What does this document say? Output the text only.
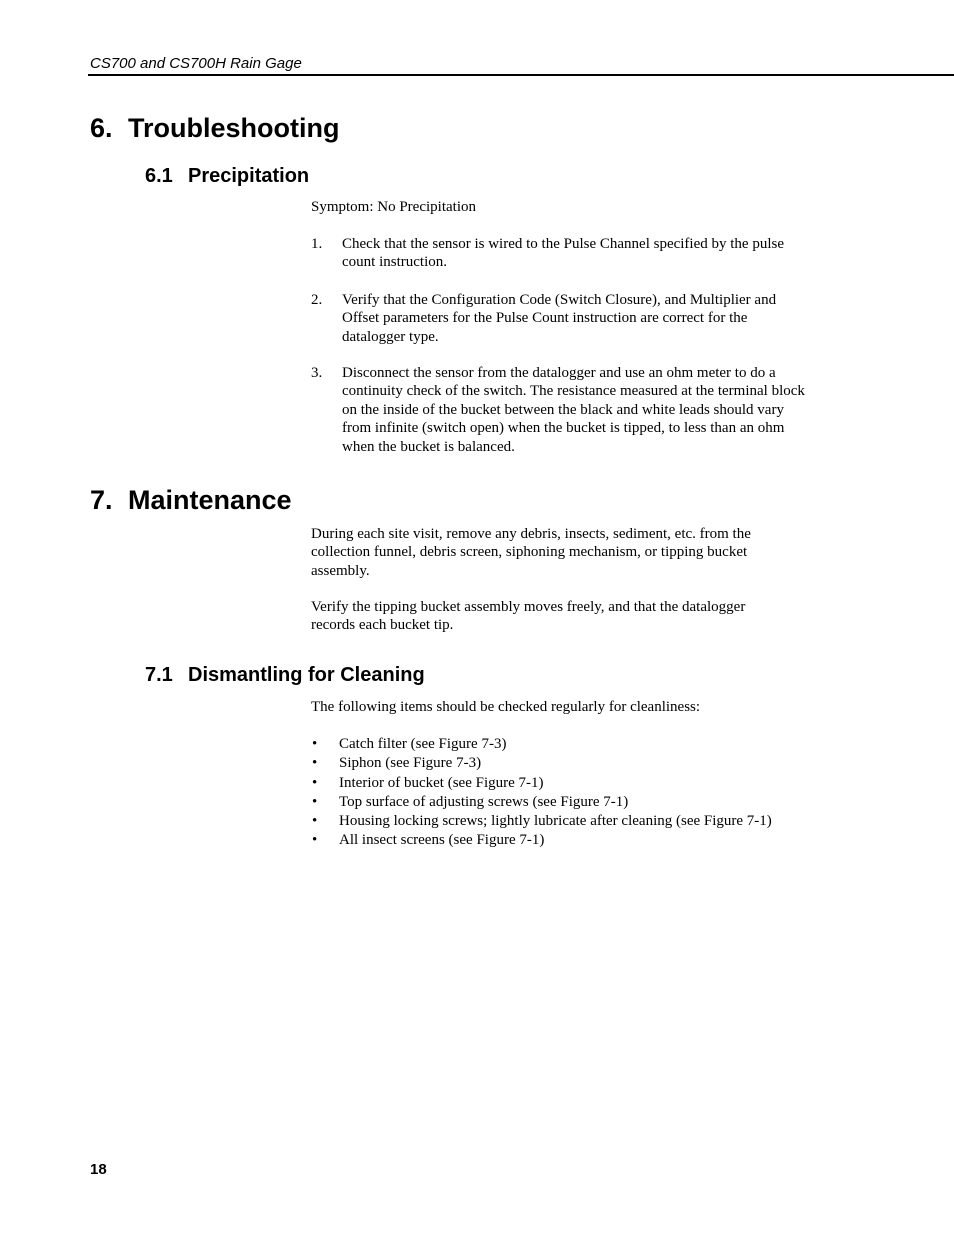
CS700 and CS700H Rain Gage
6. Troubleshooting
6.1 Precipitation

Symptom: No Precipitation

1. Check that the sensor is wired to the Pulse Channel specified by the pulse count instruction.
2. Verify that the Configuration Code (Switch Closure), and Multiplier and Offset parameters for the Pulse Count instruction are correct for the datalogger type.
3. Disconnect the sensor from the datalogger and use an ohm meter to do a continuity check of the switch. The resistance measured at the terminal block on the inside of the bucket between the black and white leads should vary from infinite (switch open) when the bucket is tipped, to less than an ohm when the bucket is balanced.
7. Maintenance

During each site visit, remove any debris, insects, sediment, etc. from the collection funnel, debris screen, siphoning mechanism, or tipping bucket assembly.

Verify the tipping bucket assembly moves freely, and that the datalogger records each bucket tip.

7.1 Dismantling for Cleaning

The following items should be checked regularly for cleanliness:

• Catch filter (see Figure 7-3)
• Siphon (see Figure 7-3)
• Interior of bucket (see Figure 7-1)
• Top surface of adjusting screws (see Figure 7-1)
• Housing locking screws; lightly lubricate after cleaning (see Figure 7-1)
• All insect screens (see Figure 7-1)
18
